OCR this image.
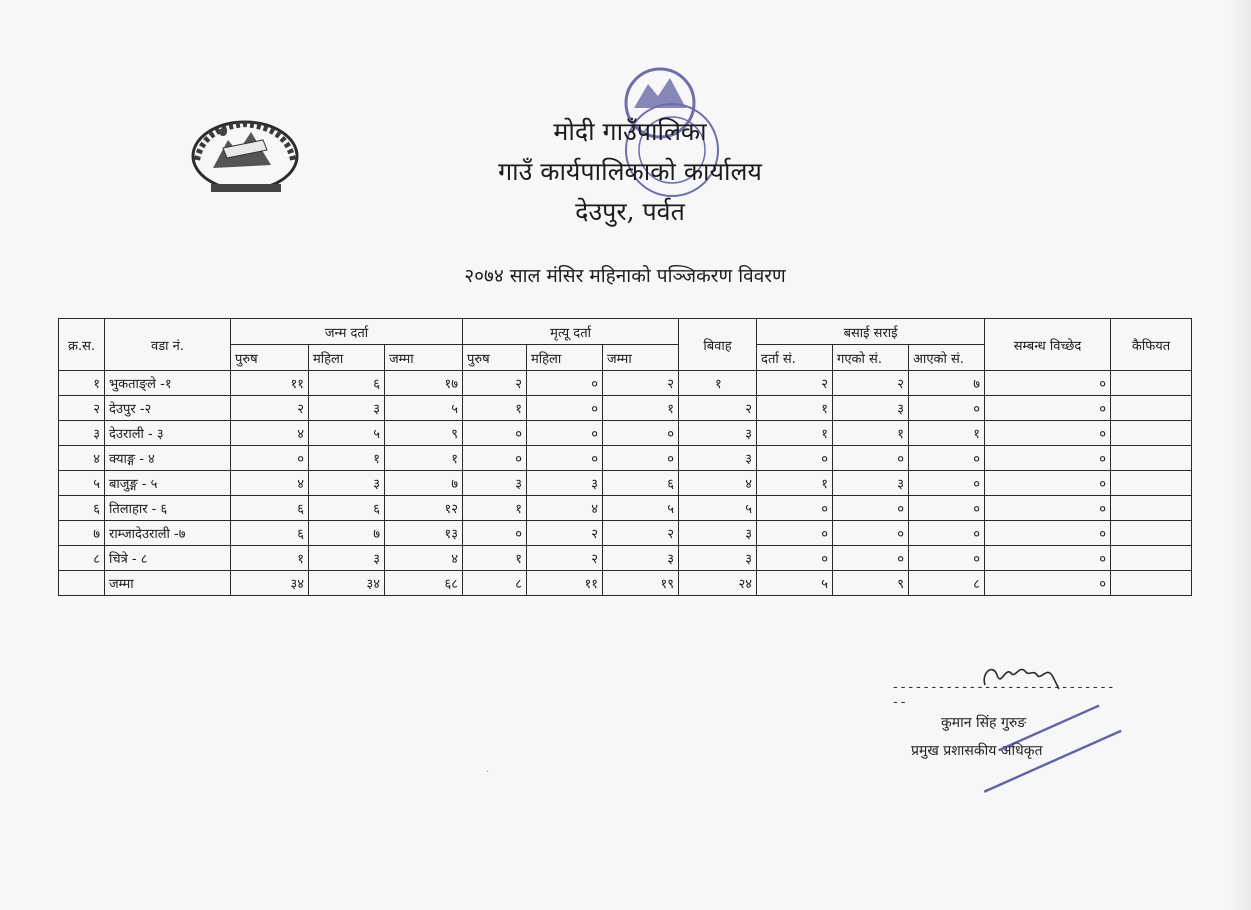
मोदी गाउँपालिका
गाउँ कार्यपालिकाको कार्यालय
देउपुर, पर्वत
२०७४ साल मंसिर महिनाको पञ्जिकरण विवरण
क्र.स.	वडा नं.	जन्म दर्ता			मृत्यू दर्ता			बिवाह	बसाई सराई			सम्बन्ध विच्छेद	कैफियत
		पुरुष	महिला	जम्मा	पुरुष	महिला	जम्मा		दर्ता सं.	गएको सं.	आएको सं.		
१	भुकताङ्ले -१	११	६	१७	२	०	२	१	२	२	७	०	
२	देउपुर -२	२	३	५	१	०	१	२	१	३	०	०	
३	देउराली - ३	४	५	९	०	०	०	३	१	१	१	०	
४	क्याङ्ग - ४	०	१	१	०	०	०	३	०	०	०	०	
५	बाजुङ्ग - ५	४	३	७	३	३	६	४	१	३	०	०	
६	तिलाहार - ६	६	६	१२	१	४	५	५	०	०	०	०	
७	राम्जादेउराली -७	६	७	१३	०	२	२	३	०	०	०	०	
८	चित्रे - ८	१	३	४	१	२	३	३	०	०	०	०	
	जम्मा	३४	३४	६८	८	११	१९	२४	५	९	८	०	
-------------------------------
कुमान सिंह गुरुङ
प्रमुख प्रशासकीय अधिकृत
·
